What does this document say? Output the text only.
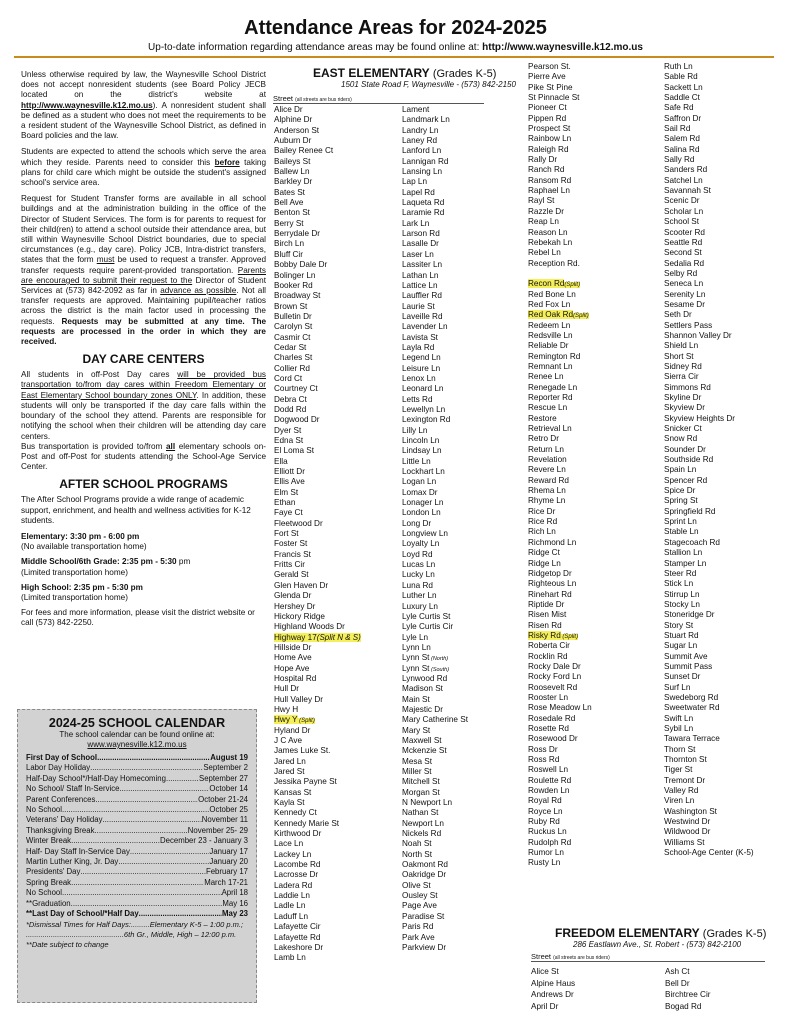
Attendance Areas for 2024-2025
Up-to-date information regarding attendance areas may be found online at: http://www.waynesville.k12.mo.us

Unless otherwise required by law, the Waynesville School District does not accept nonresident students (see Board Policy JECB located on the district's website at http://www.waynesville.k12.mo.us). A nonresident student shall be defined as a student who does not meet the requirements to be a resident student of the Waynesville School District, as defined in Board policies and the law.

Students are expected to attend the schools which serve the area which they reside. Parents need to consider this before taking plans for child care which might be outside the student's assigned school's service area.

Request for Student Transfer forms are available in all school buildings and at the administration building in the office of the Director of Student Services. The form is for parents to request for their child(ren) to attend a school outside their attendance area, but still within Waynesville School District boundaries, due to special circumstances (e.g., day care). Policy JCB, Intra-district transfers, states that the form must be used to request a transfer. Approved transfer requests require parent-provided transportation. Parents are encouraged to submit their request to the Director of Student Services at (573) 842-2092 as far in advance as possible. Not all transfer requests are approved. Maintaining pupil/teacher ratios across the district is the main factor used in processing the requests. Requests may be submitted at any time. The requests are processed in the order in which they are received.

DAY CARE CENTERS

All students in off-Post Day cares will be provided bus transportation to/from day cares within Freedom Elementary or East Elementary School boundary zones ONLY. In addition, these students will only be transported if the day care falls within the boundary of the school they attend. Parents are responsible for notifying the school when their children will be attending day care centers.

Bus transportation is provided to/from all elementary schools on-Post and off-Post for students attending the School-Age Service Center.

AFTER SCHOOL PROGRAMS

The After School Programs provide a wide range of academic support, enrichment, and health and wellness activities for K-12 students.

Elementary: 3:30 pm - 6:00 pm
(No available transportation home)
Middle School/6th Grade: 2:35 pm - 5:30 pm
(Limited transportation home)
High School: 2:35 pm - 5:30 pm
(Limited transportation home)

For fees and more information, please visit the district website or call (573) 842-2250.

2024-25 SCHOOL CALENDAR
The school calendar can be found online at:
www.waynesville.k12.mo.us
First Day of School .....	August 19
Labor Day Holiday .....	September 2
Half-Day School*/Half-Day Homecoming .....	September 27
No School/ Staff In-Service .....	October 14
Parent Conferences .....	October 21-24
No School .....	October 25
Veterans' Day Holiday .....	November 11
Thanksgiving Break .....	November 25- 29
Winter Break .....	December 23 - January 3
Half- Day Staff In-Service Day .....	January 17
Martin Luther King, Jr. Day .....	January 20
Presidents' Day .....	February 17
Spring Break .....	March 17-21
No School .....	April 18
**Graduation .....	May 16
**Last Day of School/*Half Day .....	May 23
*Dismissal Times for Half Days:.........Elementary K-5 – 1:00 p.m.;
...............................................6th Gr., Middle, High – 12:00 p.m.
**Date subject to change
EAST ELEMENTARY (Grades K-5)
1501 State Road F, Waynesville - (573) 842-2150
Street (all streets are bus riders)
Alice Dr
Alphine Dr
Anderson St
Auburn Dr
Bailey Renee Ct
Baileys St
Ballew Ln
Barkley Dr
Bates St
Bell Ave
Benton St
Berry St
Berrydale Dr
Birch Ln
Bluff Cir
Bobby Dale Dr
Bolinger Ln
Booker Rd
Broadway St
Brown St
Bulletin Dr
Carolyn St
Casmir Ct
Cedar St
Charles St
Collier Rd
Cord Ct
Courtney Ct
Debra Ct
Dodd Rd
Dogwood Dr
Dyer St
Edna St
El Loma St
Ella
Elliott Dr
Ellis Ave
Elm St
Ethan
Faye Ct
Fleetwood Dr
Fort St
Foster St
Francis St
Fritts Cir
Gerald St
Glen Haven Dr
Glenda Dr
Hershey Dr
Hickory Ridge
Highland Woods Dr
Highway 17(Split N & S)
Hillside Dr
Home Ave
Hope Ave
Hospital Rd
Hull Dr
Hull Valley Dr
Hwy H
Hwy Y (Split)
Hyland Dr
J C Ave
James Luke St.
Jared Ln
Jared St
Jessika Payne St
Kansas St
Kayla St
Kennedy Ct
Kennedy Marie St
Kirthwood Dr
Lace Ln
Lackey Ln
Lacombe Rd
Lacrosse Dr
Ladera Rd
Laddie Ln
Ladle Ln
Laduff Ln
Lafayette Cir
Lafayette Rd
Lakeshore Dr
Lamb Ln
Lament
Landmark Ln
Landry Ln
Laney Rd
Lanford Ln
Lannigan Rd
Lansing Ln
Lap Ln
Lapel Rd
Laqueta Rd
Laramie Rd
Lark Ln
Larson Rd
Lasalle Dr
Laser Ln
Lassiter Ln
Lathan Ln
Lattice Ln
Lauffler Rd
Laurie St
Laveille Rd
Lavender Ln
Lavista St
Layla Rd
Legend Ln
Leisure Ln
Lenox Ln
Leonard Ln
Letts Rd
Lewellyn Ln
Lexington Rd
Lilly Ln
Lincoln Ln
Lindsay Ln
Little Ln
Lockhart Ln
Logan Ln
Lomax Dr
Lonager Ln
London Ln
Long Dr
Longview Ln
Loyalty Ln
Loyd Rd
Lucas Ln
Lucky Ln
Luna Rd
Luther Ln
Luxury Ln
Lyle Curtis St
Lyle Curtis Cir
Lyle Ln
Lynn Ln
Lynn St (North)
Lynn St (South)
Lynwood Rd
Madison St
Main St
Majestic Dr
Mary Catherine St
Mary St
Maxwell St
Mckenzie St
Mesa St
Miller St
Mitchell St
Morgan St
N Newport Ln
Nathan St
Newport Ln
Nickels Rd
Noah St
North St
Oakmont Rd
Oakridge Dr
Olive St
Ousley St
Page Ave
Paradise St
Paris Rd
Park Ave
Parkview Dr
Pearson St.
Pierre Ave
Pike St Pine
St Pinnacle St
Pioneer Ct
Pippen Rd
Prospect St
Rainbow Ln
Raleigh Rd
Rally Dr
Ranch Rd
Ransom Rd
Raphael Ln
Rayl St
Razzle Dr
Reap Ln
Reason Ln
Rebekah Ln
Rebel Ln
Reception Rd.
Recon Rd(Split)
Red Bone Ln
Red Fox Ln
Red Oak Rd(Split)
Redeem Ln
Redsville Ln
Reliable Dr
Remington Rd
Remnant Ln
Renee Ln
Renegade Ln
Reporter Rd
Rescue Ln
Restore
Retrieval Ln
Retro Dr
Return Ln
Revelation
Revere Ln
Reward Rd
Rhema Ln
Rhyme Ln
Rice Dr
Rice Rd
Rich Ln
Richmond Ln
Ridge Ct
Ridge Ln
Ridgetop Dr
Righteous Ln
Rinehart Rd
Riptide Dr
Risen Mist
Risen Rd
Risky Rd (Split)
Roberta Cir
Rocklin Rd
Rocky Dale Dr
Rocky Ford Ln
Roosevelt Rd
Rooster Ln
Rose Meadow Ln
Rosedale Rd
Rosette Rd
Rosewood Dr
Ross Dr
Ross Rd
Roswell Ln
Roulette Rd
Rowden Ln
Royal Rd
Royce Ln
Ruby Rd
Ruckus Ln
Rudolph Rd
Rumor Ln
Rusty Ln
Ruth Ln
Sable Rd
Sackett Ln
Saddle Ct
Safe Rd
Saffron Dr
Sail Rd
Salem Rd
Salina Rd
Sally Rd
Sanders Rd
Satchel Ln
Savannah St
Scenic Dr
Scholar Ln
School St
Scooter Rd
Seattle Rd
Second St
Sedalia Rd
Selby Rd
Seneca Ln
Serenity Ln
Sesame Dr
Seth Dr
Settlers Pass
Shannon Valley Dr
Shield Ln
Short St
Sidney Rd
Sierra Cir
Simmons Rd
Skyline Dr
Skyview Dr
Skyview Heights Dr
Snicker Ct
Snow Rd
Sounder Dr
Southside Rd
Spain Ln
Spencer Rd
Spice Dr
Spring St
Springfield Rd
Sprint Ln
Stable Ln
Stagecoach Rd
Stallion Ln
Stamper Ln
Steer Rd
Stick Ln
Stirrup Ln
Stocky Ln
Stoneridge Dr
Story St
Stuart Rd
Sugar Ln
Summit Ave
Summit Pass
Sunset Dr
Surf Ln
Swedeborg Rd
Sweetwater Rd
Swift Ln
Sybil Ln
Tawara Terrace
Thorn St
Thornton St
Tiger St
Tremont Dr
Valley Rd
Viren Ln
Washington St
Westwind Dr
Wildwood Dr
Williams St
School-Age Center (K-5)
FREEDOM ELEMENTARY (Grades K-5)
286 Eastlawn Ave., St. Robert - (573) 842-2100
Street (all streets are bus riders)
Alice St
Alpine Haus
Andrews Dr
April Dr
Ash Ct
Bell Dr
Birchtree Cir
Bogad Rd
